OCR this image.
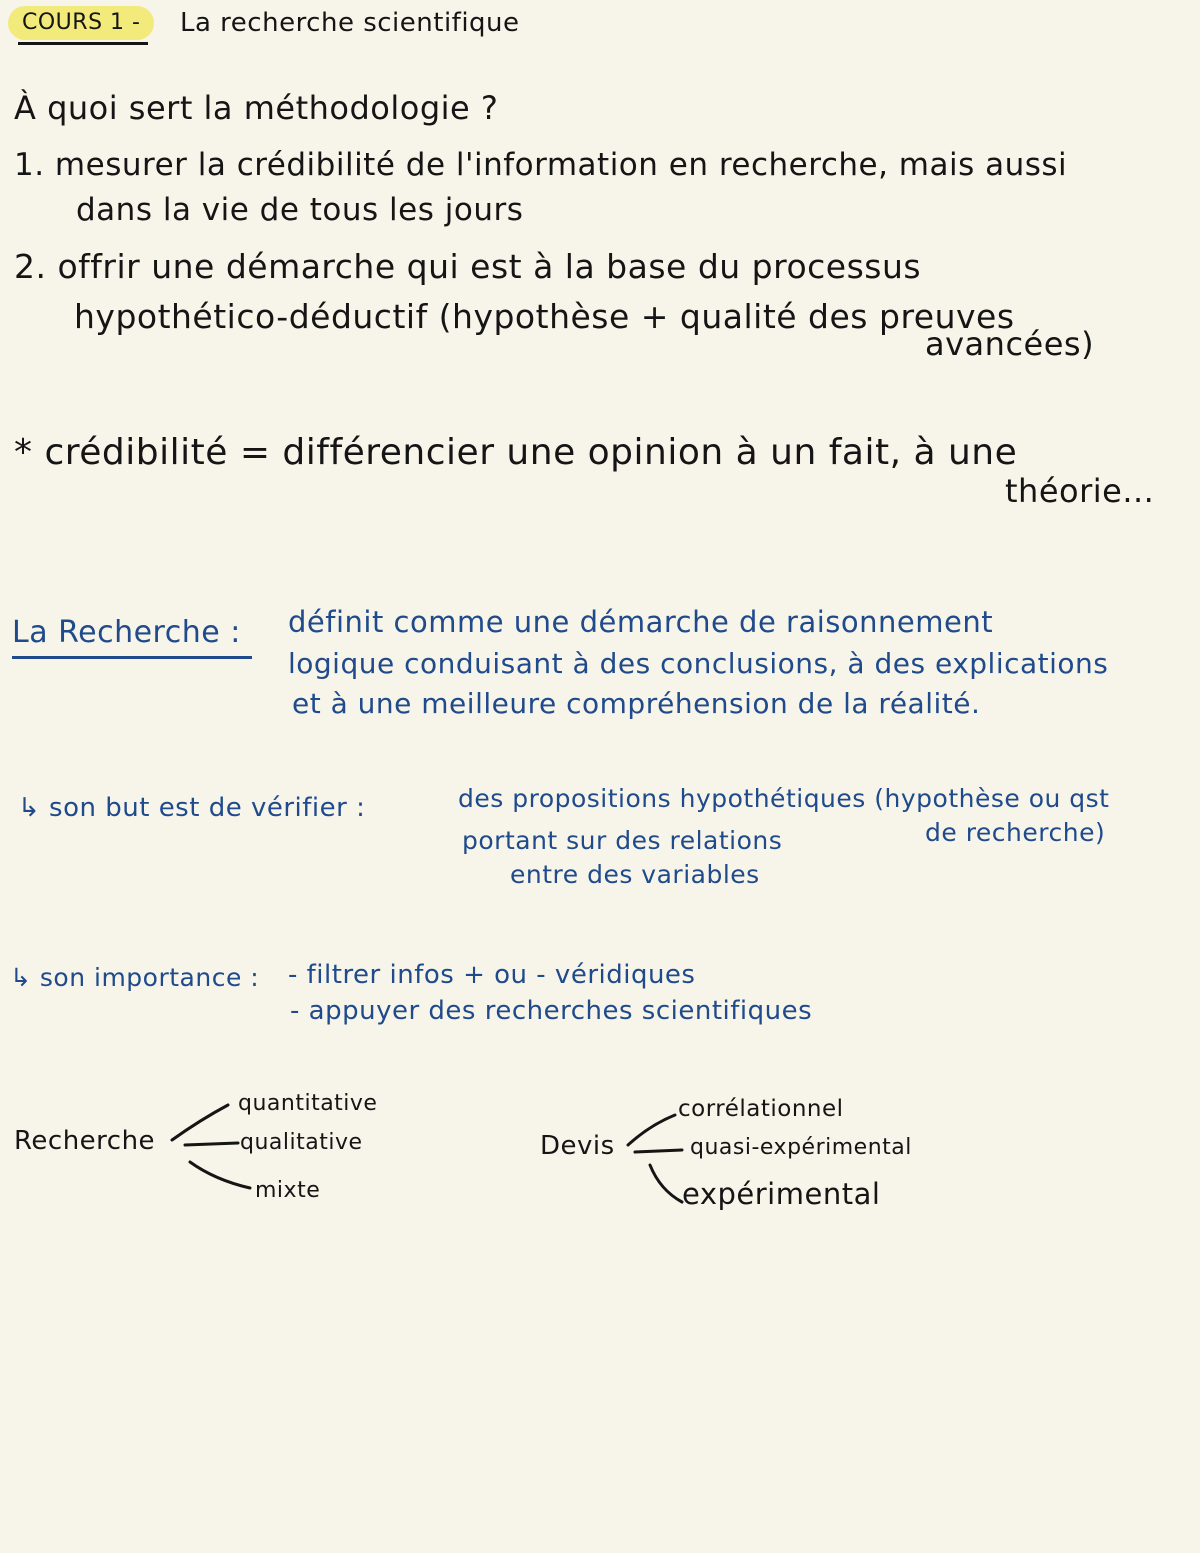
COURS 1 - La recherche scientifique
À quoi sert la méthodologie ?
1. mesurer la crédibilité de l'information en recherche, mais aussi
dans la vie de tous les jours
2. offrir une démarche qui est à la base du processus
hypothético-déductif (hypothèse + qualité des preuves
avancées)
* crédibilité = différencier une opinion à un fait, à une
théorie...
La Recherche : définit comme une démarche de raisonnement
logique conduisant à des conclusions, à des explications
et à une meilleure compréhension de la réalité.
↳ son but est de vérifier :	des propositions hypothétiques (hypothèse ou qst
portant sur des relations	de recherche)
entre des variables
↳ son importance : - filtrer infos + ou - véridiques
- appuyer des recherches scientifiques
Recherche
quantitative
qualitative
mixte
Devis
corrélationnel
quasi-expérimental
expérimental
